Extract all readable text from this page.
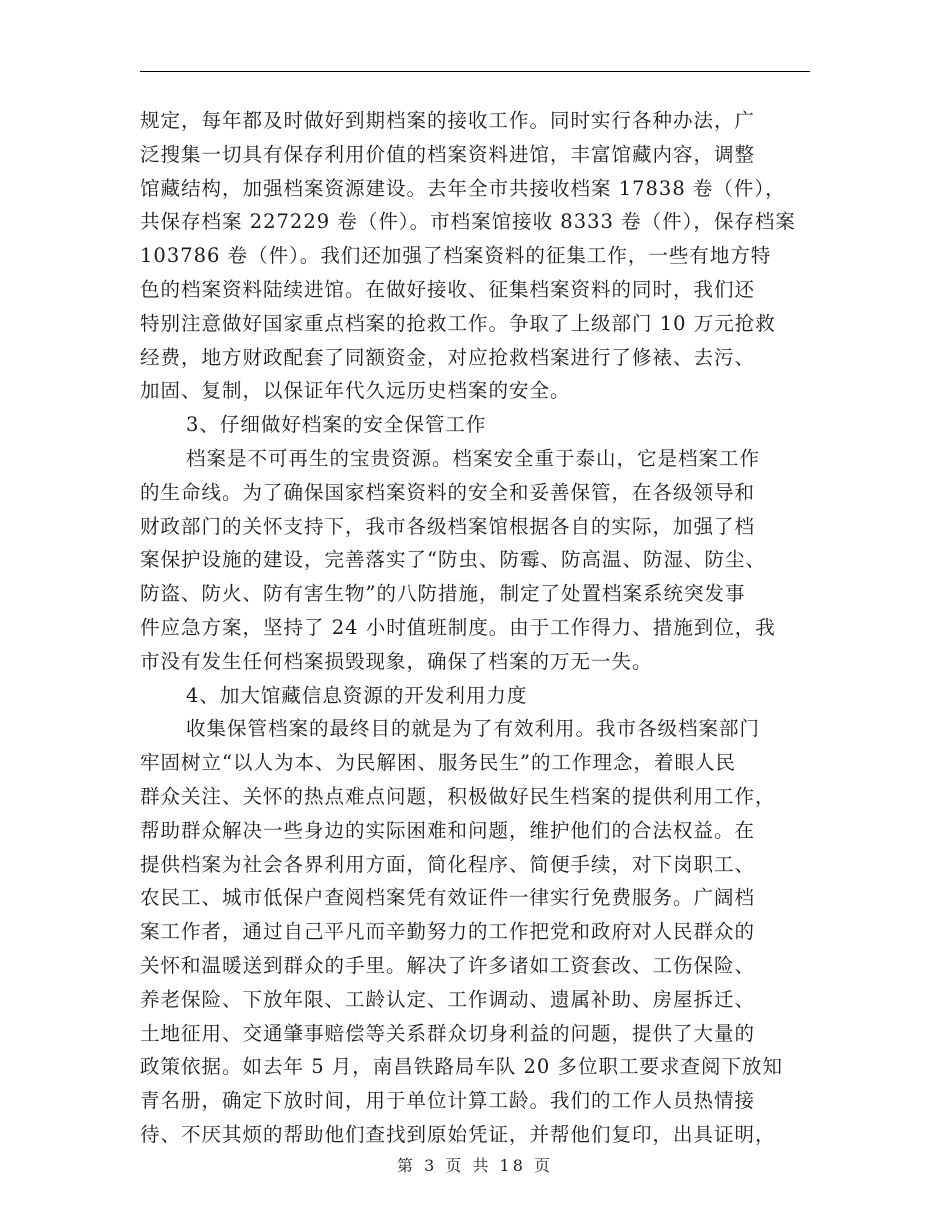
规定，每年都及时做好到期档案的接收工作。同时实行各种办法，广
泛搜集一切具有保存利用价值的档案资料进馆，丰富馆藏内容，调整
馆藏结构，加强档案资源建设。去年全市共接收档案 17838 卷（件），
共保存档案 227229 卷（件）。市档案馆接收 8333 卷（件），保存档案
103786 卷（件）。我们还加强了档案资料的征集工作，一些有地方特
色的档案资料陆续进馆。在做好接收、征集档案资料的同时，我们还
特别注意做好国家重点档案的抢救工作。争取了上级部门 10 万元抢救
经费，地方财政配套了同额资金，对应抢救档案进行了修裱、去污、
加固、复制，以保证年代久远历史档案的安全。
3、仔细做好档案的安全保管工作
档案是不可再生的宝贵资源。档案安全重于泰山，它是档案工作
的生命线。为了确保国家档案资料的安全和妥善保管，在各级领导和
财政部门的关怀支持下，我市各级档案馆根据各自的实际，加强了档
案保护设施的建设，完善落实了“防虫、防霉、防高温、防湿、防尘、
防盗、防火、防有害生物”的八防措施，制定了处置档案系统突发事
件应急方案，坚持了 24 小时值班制度。由于工作得力、措施到位，我
市没有发生任何档案损毁现象，确保了档案的万无一失。
4、加大馆藏信息资源的开发利用力度
收集保管档案的最终目的就是为了有效利用。我市各级档案部门
牢固树立“以人为本、为民解困、服务民生”的工作理念，着眼人民
群众关注、关怀的热点难点问题，积极做好民生档案的提供利用工作，
帮助群众解决一些身边的实际困难和问题，维护他们的合法权益。在
提供档案为社会各界利用方面，简化程序、简便手续，对下岗职工、
农民工、城市低保户查阅档案凭有效证件一律实行免费服务。广阔档
案工作者，通过自己平凡而辛勤努力的工作把党和政府对人民群众的
关怀和温暖送到群众的手里。解决了许多诸如工资套改、工伤保险、
养老保险、下放年限、工龄认定、工作调动、遗属补助、房屋拆迁、
土地征用、交通肇事赔偿等关系群众切身利益的问题，提供了大量的
政策依据。如去年 5 月，南昌铁路局车队 20 多位职工要求查阅下放知
青名册，确定下放时间，用于单位计算工龄。我们的工作人员热情接
待、不厌其烦的帮助他们查找到原始凭证，并帮他们复印，出具证明，
第 3 页 共 18 页
